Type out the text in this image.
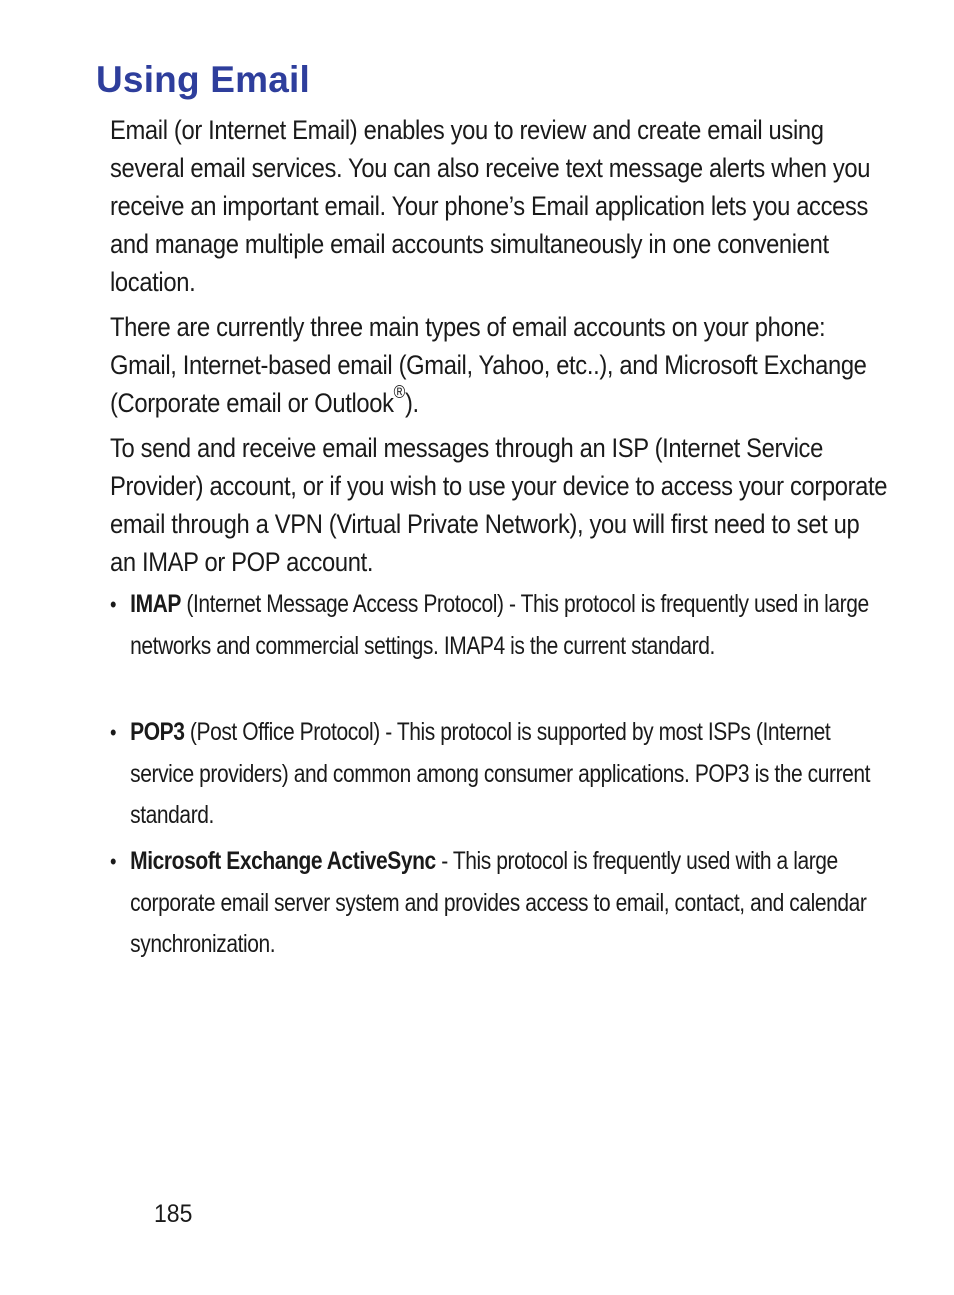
Using Email

Email (or Internet Email) enables you to review and create email using several email services. You can also receive text message alerts when you receive an important email. Your phone’s Email application lets you access and manage multiple email accounts simultaneously in one convenient location.

There are currently three main types of email accounts on your phone: Gmail, Internet-based email (Gmail, Yahoo, etc..), and Microsoft Exchange (Corporate email or Outlook®).

To send and receive email messages through an ISP (Internet Service Provider) account, or if you wish to use your device to access your corporate email through a VPN (Virtual Private Network), you will first need to set up an IMAP or POP account.

• IMAP (Internet Message Access Protocol) - This protocol is frequently used in large networks and commercial settings. IMAP4 is the current standard.
• POP3 (Post Office Protocol) - This protocol is supported by most ISPs (Internet service providers) and common among consumer applications. POP3 is the current standard.
• Microsoft Exchange ActiveSync - This protocol is frequently used with a large corporate email server system and provides access to email, contact, and calendar synchronization.
185
